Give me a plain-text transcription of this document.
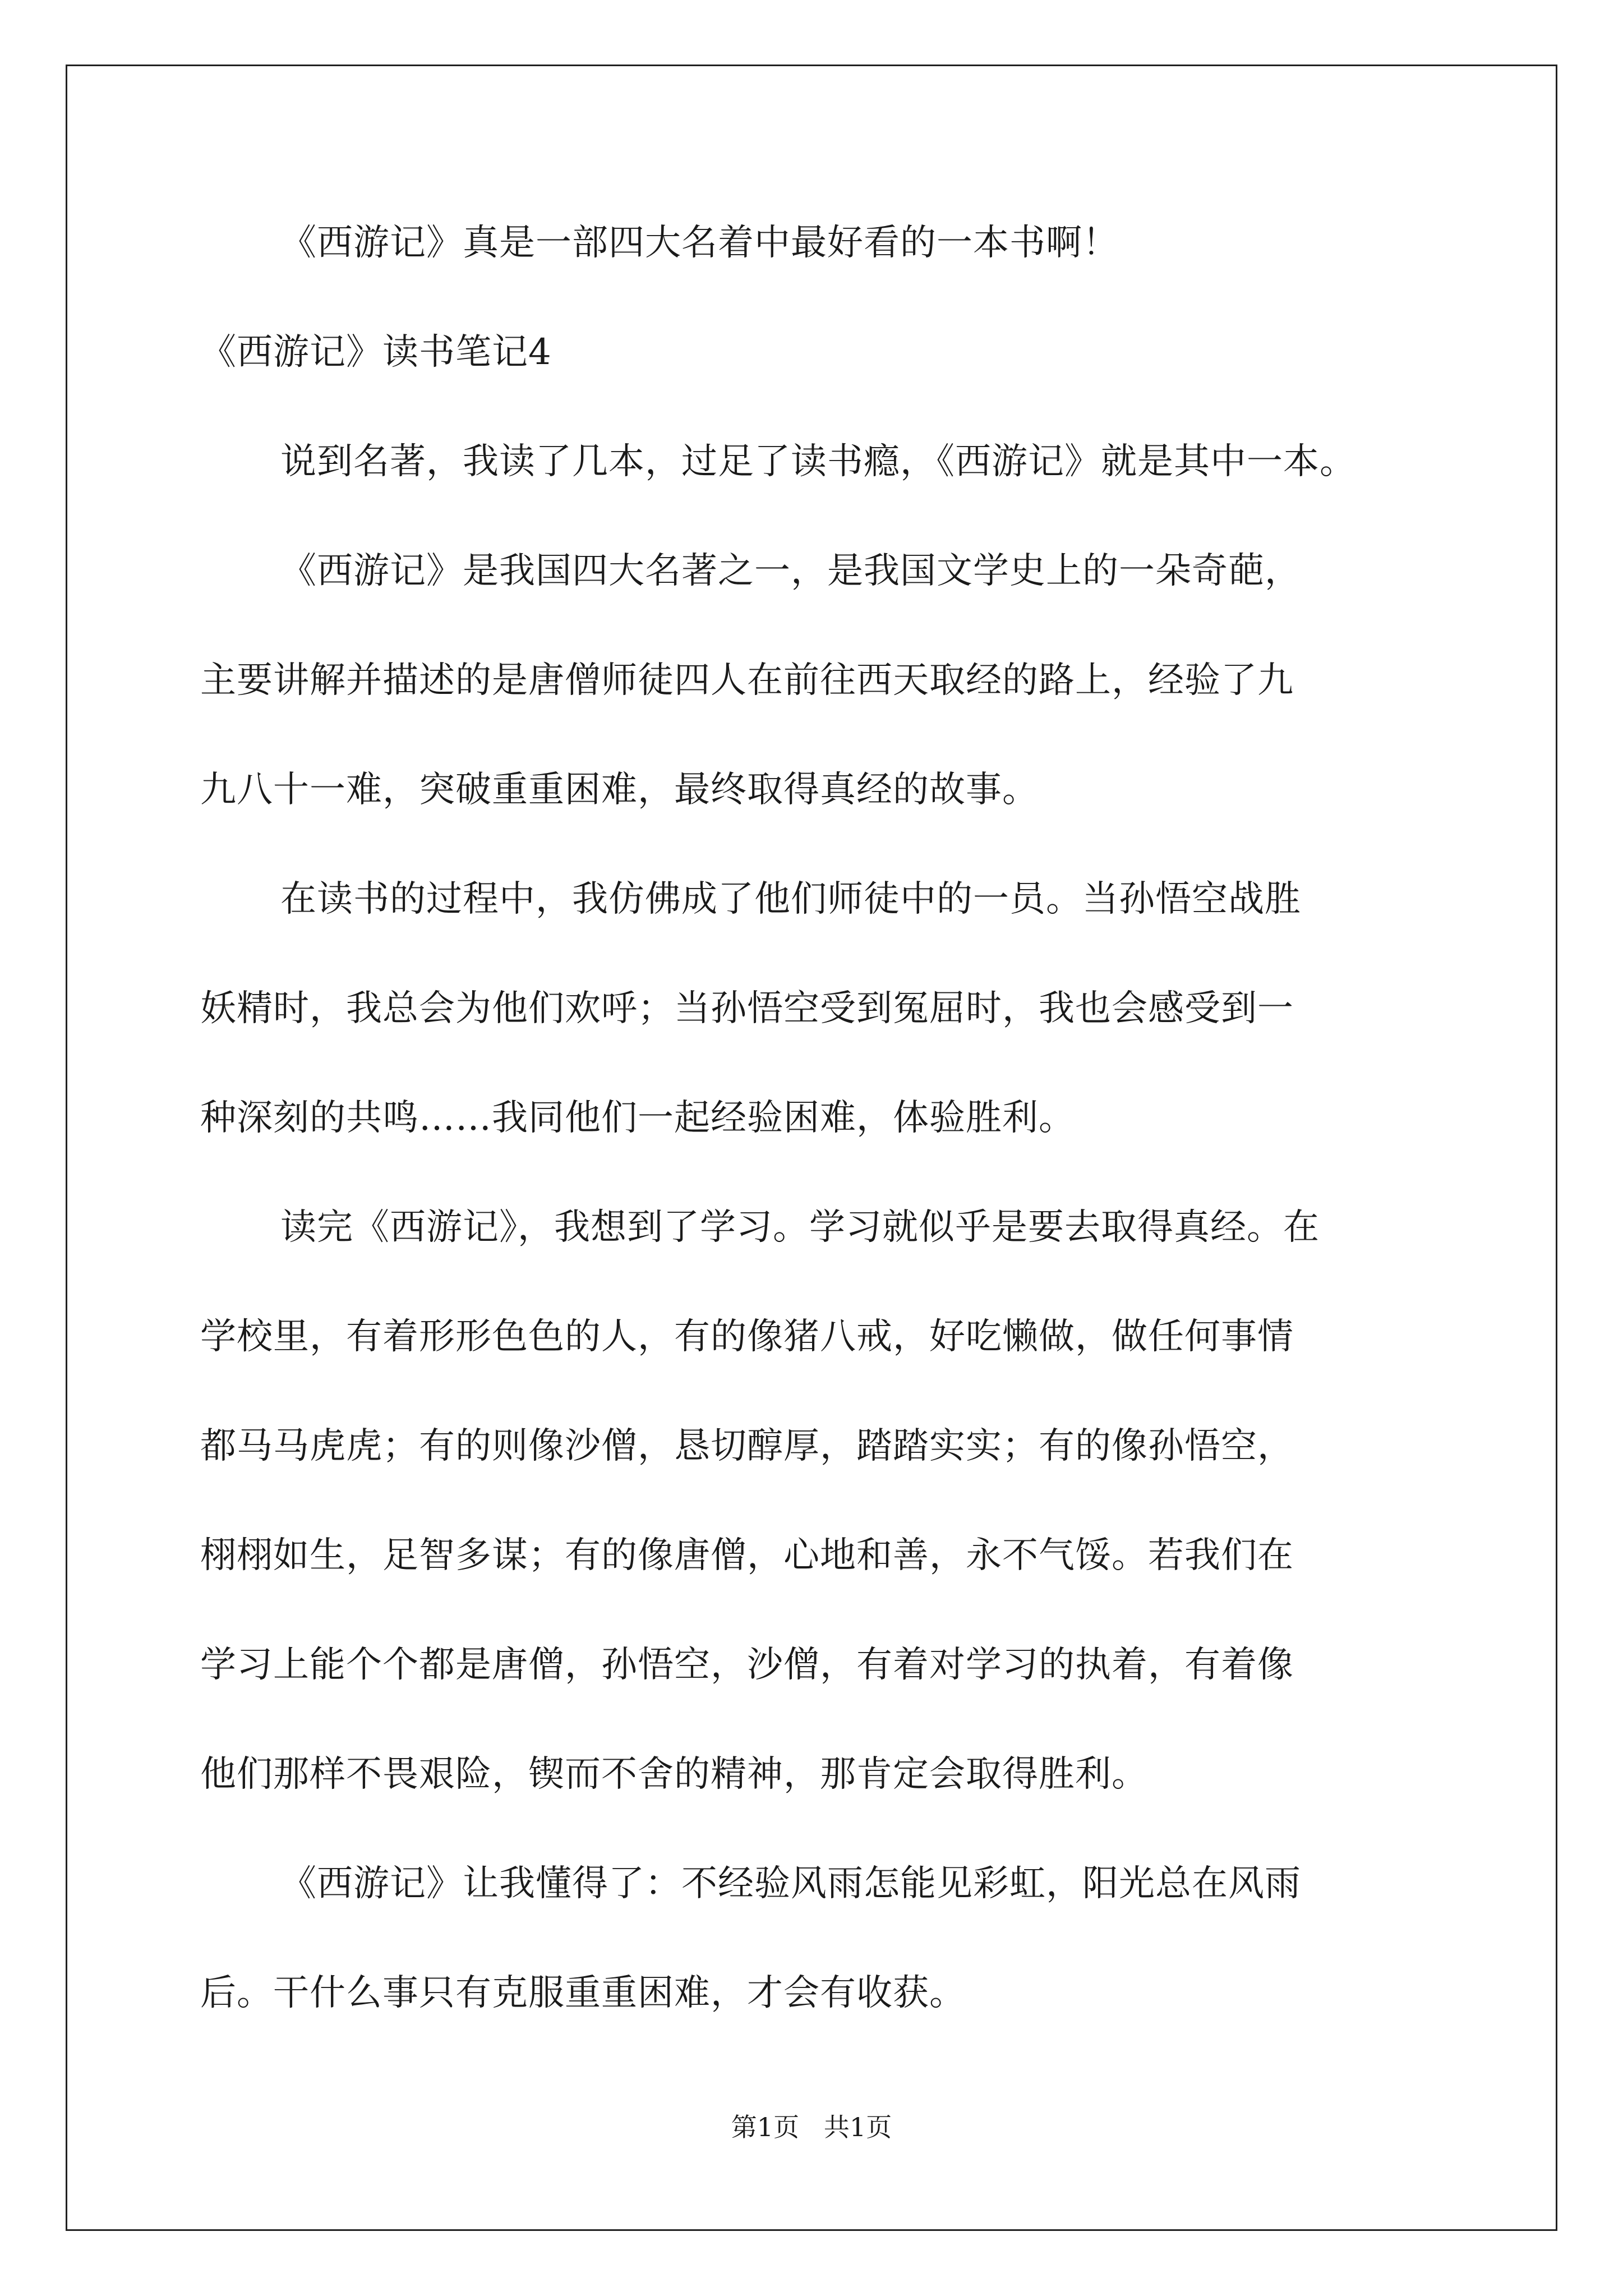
《西游记》真是一部四大名着中最好看的一本书啊！
《西游记》读书笔记4
说到名著，我读了几本，过足了读书瘾，《西游记》就是其中一本。
《西游记》是我国四大名著之一，是我国文学史上的一朵奇葩，
主要讲解并描述的是唐僧师徒四人在前往西天取经的路上，经验了九
九八十一难，突破重重困难，最终取得真经的故事。
在读书的过程中，我仿佛成了他们师徒中的一员。当孙悟空战胜
妖精时，我总会为他们欢呼；当孙悟空受到冤屈时，我也会感受到一
种深刻的共鸣……我同他们一起经验困难，体验胜利。
读完《西游记》，我想到了学习。学习就似乎是要去取得真经。在
学校里，有着形形色色的人，有的像猪八戒，好吃懒做，做任何事情
都马马虎虎；有的则像沙僧，恳切醇厚，踏踏实实；有的像孙悟空，
栩栩如生，足智多谋；有的像唐僧，心地和善，永不气馁。若我们在
学习上能个个都是唐僧，孙悟空，沙僧，有着对学习的执着，有着像
他们那样不畏艰险，锲而不舍的精神，那肯定会取得胜利。
《西游记》让我懂得了：不经验风雨怎能见彩虹，阳光总在风雨
后。干什么事只有克服重重困难，才会有收获。
第1页   共1页
